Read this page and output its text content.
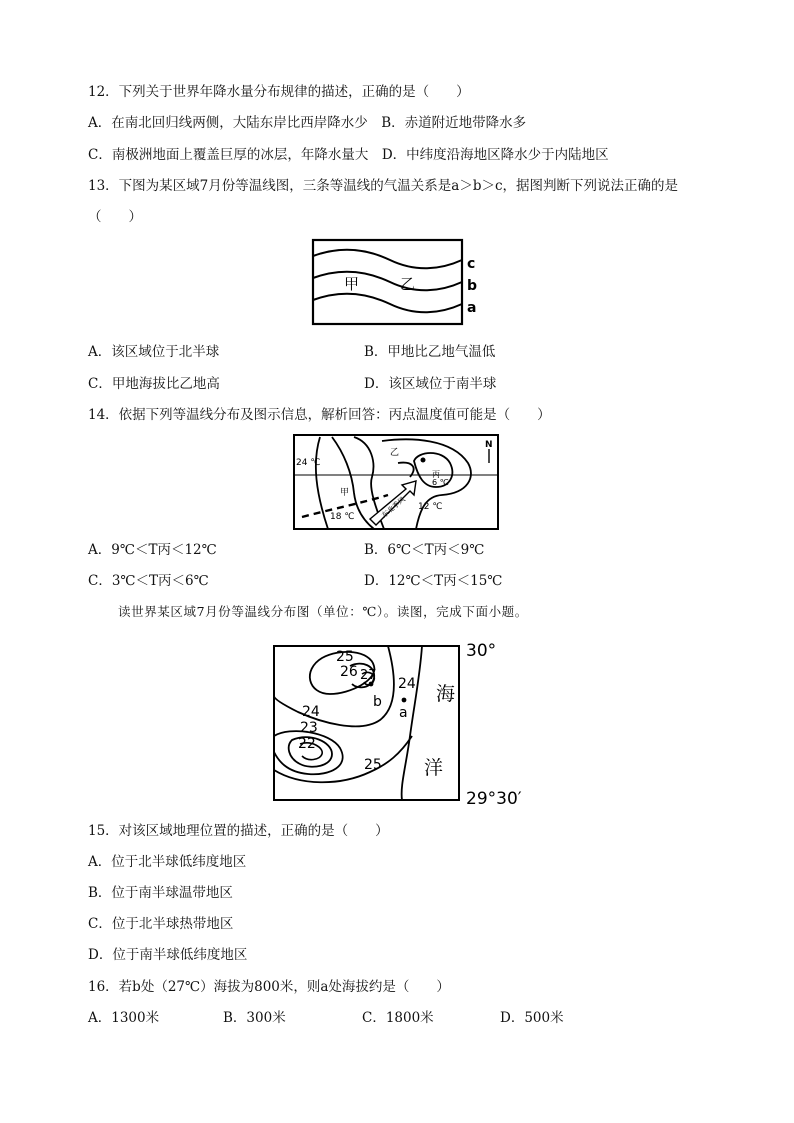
12．下列关于世界年降水量分布规律的描述，正确的是（　　）
A．在南北回归线两侧，大陆东岸比西岸降水少　B．赤道附近地带降水多
C．南极洲地面上覆盖巨厚的冰层，年降水量大　D．中纬度沿海地区降水少于内陆地区
13．下图为某区域7月份等温线图，三条等温线的气温关系是a＞b＞c，据图判断下列说法正确的是
（　　）
甲	乙
c
b
a
A．该区域位于北半球	B．甲地比乙地气温低
C．甲地海拔比乙地高	D．该区域位于南半球
14．依据下列等温线分布及图示信息，解析回答：丙点温度值可能是（　　）
东北季风
24 ℃
18 ℃
12 ℃
6 ℃
乙
甲
丙
N
A．9℃＜T丙＜12℃	B．6℃＜T丙＜9℃
C．3℃＜T丙＜6℃	D．12℃＜T丙＜15℃
读世界某区域7月份等温线分布图（单位：℃）。读图，完成下面小题。
25
26 27
24
b
a
24
23
22
25
海
洋
30°
29°30′
15．对该区域地理位置的描述，正确的是（　　）
A．位于北半球低纬度地区
B．位于南半球温带地区
C．位于北半球热带地区
D．位于南半球低纬度地区
16．若b处（27℃）海拔为800米，则a处海拔约是（　　）
A．1300米	B．300米	C．1800米	D．500米
